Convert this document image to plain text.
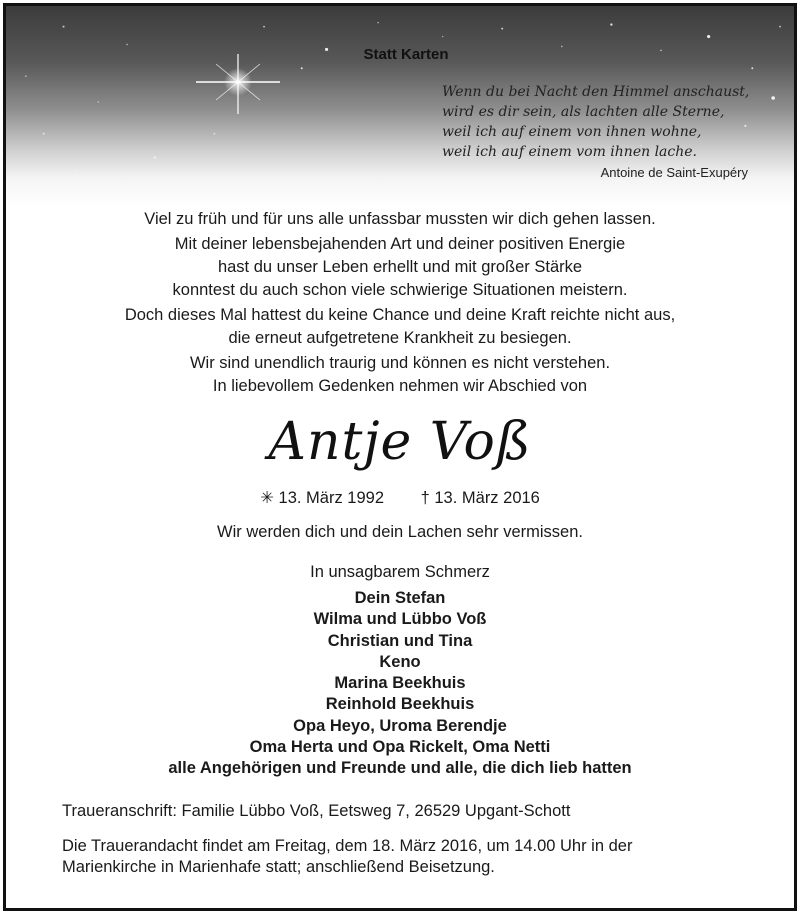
Statt Karten
Wenn du bei Nacht den Himmel anschaust,
wird es dir sein, als lachten alle Sterne,
weil ich auf einem von ihnen wohne,
weil ich auf einem vom ihnen lache.
Antoine de Saint-Exupéry

Viel zu früh und für uns alle unfassbar mussten wir dich gehen lassen.

Mit deiner lebensbejahenden Art und deiner positiven Energie
hast du unser Leben erhellt und mit großer Stärke
konntest du auch schon viele schwierige Situationen meistern.

Doch dieses Mal hattest du keine Chance und deine Kraft reichte nicht aus,
die erneut aufgetretene Krankheit zu besiegen.

Wir sind unendlich traurig und können es nicht verstehen.
In liebevollem Gedenken nehmen wir Abschied von

Antje Voß
✳ 13. März 1992 † 13. März 2016
Wir werden dich und dein Lachen sehr vermissen.
In unsagbarem Schmerz
Dein Stefan
Wilma und Lübbo Voß
Christian und Tina
Keno
Marina Beekhuis
Reinhold Beekhuis
Opa Heyo, Uroma Berendje
Oma Herta und Opa Rickelt, Oma Netti
alle Angehörigen und Freunde und alle, die dich lieb hatten
Traueranschrift: Familie Lübbo Voß, Eetsweg 7, 26529 Upgant-Schott
Die Trauerandacht findet am Freitag, dem 18. März 2016, um 14.00 Uhr in der
Marienkirche in Marienhafe statt; anschließend Beisetzung.
